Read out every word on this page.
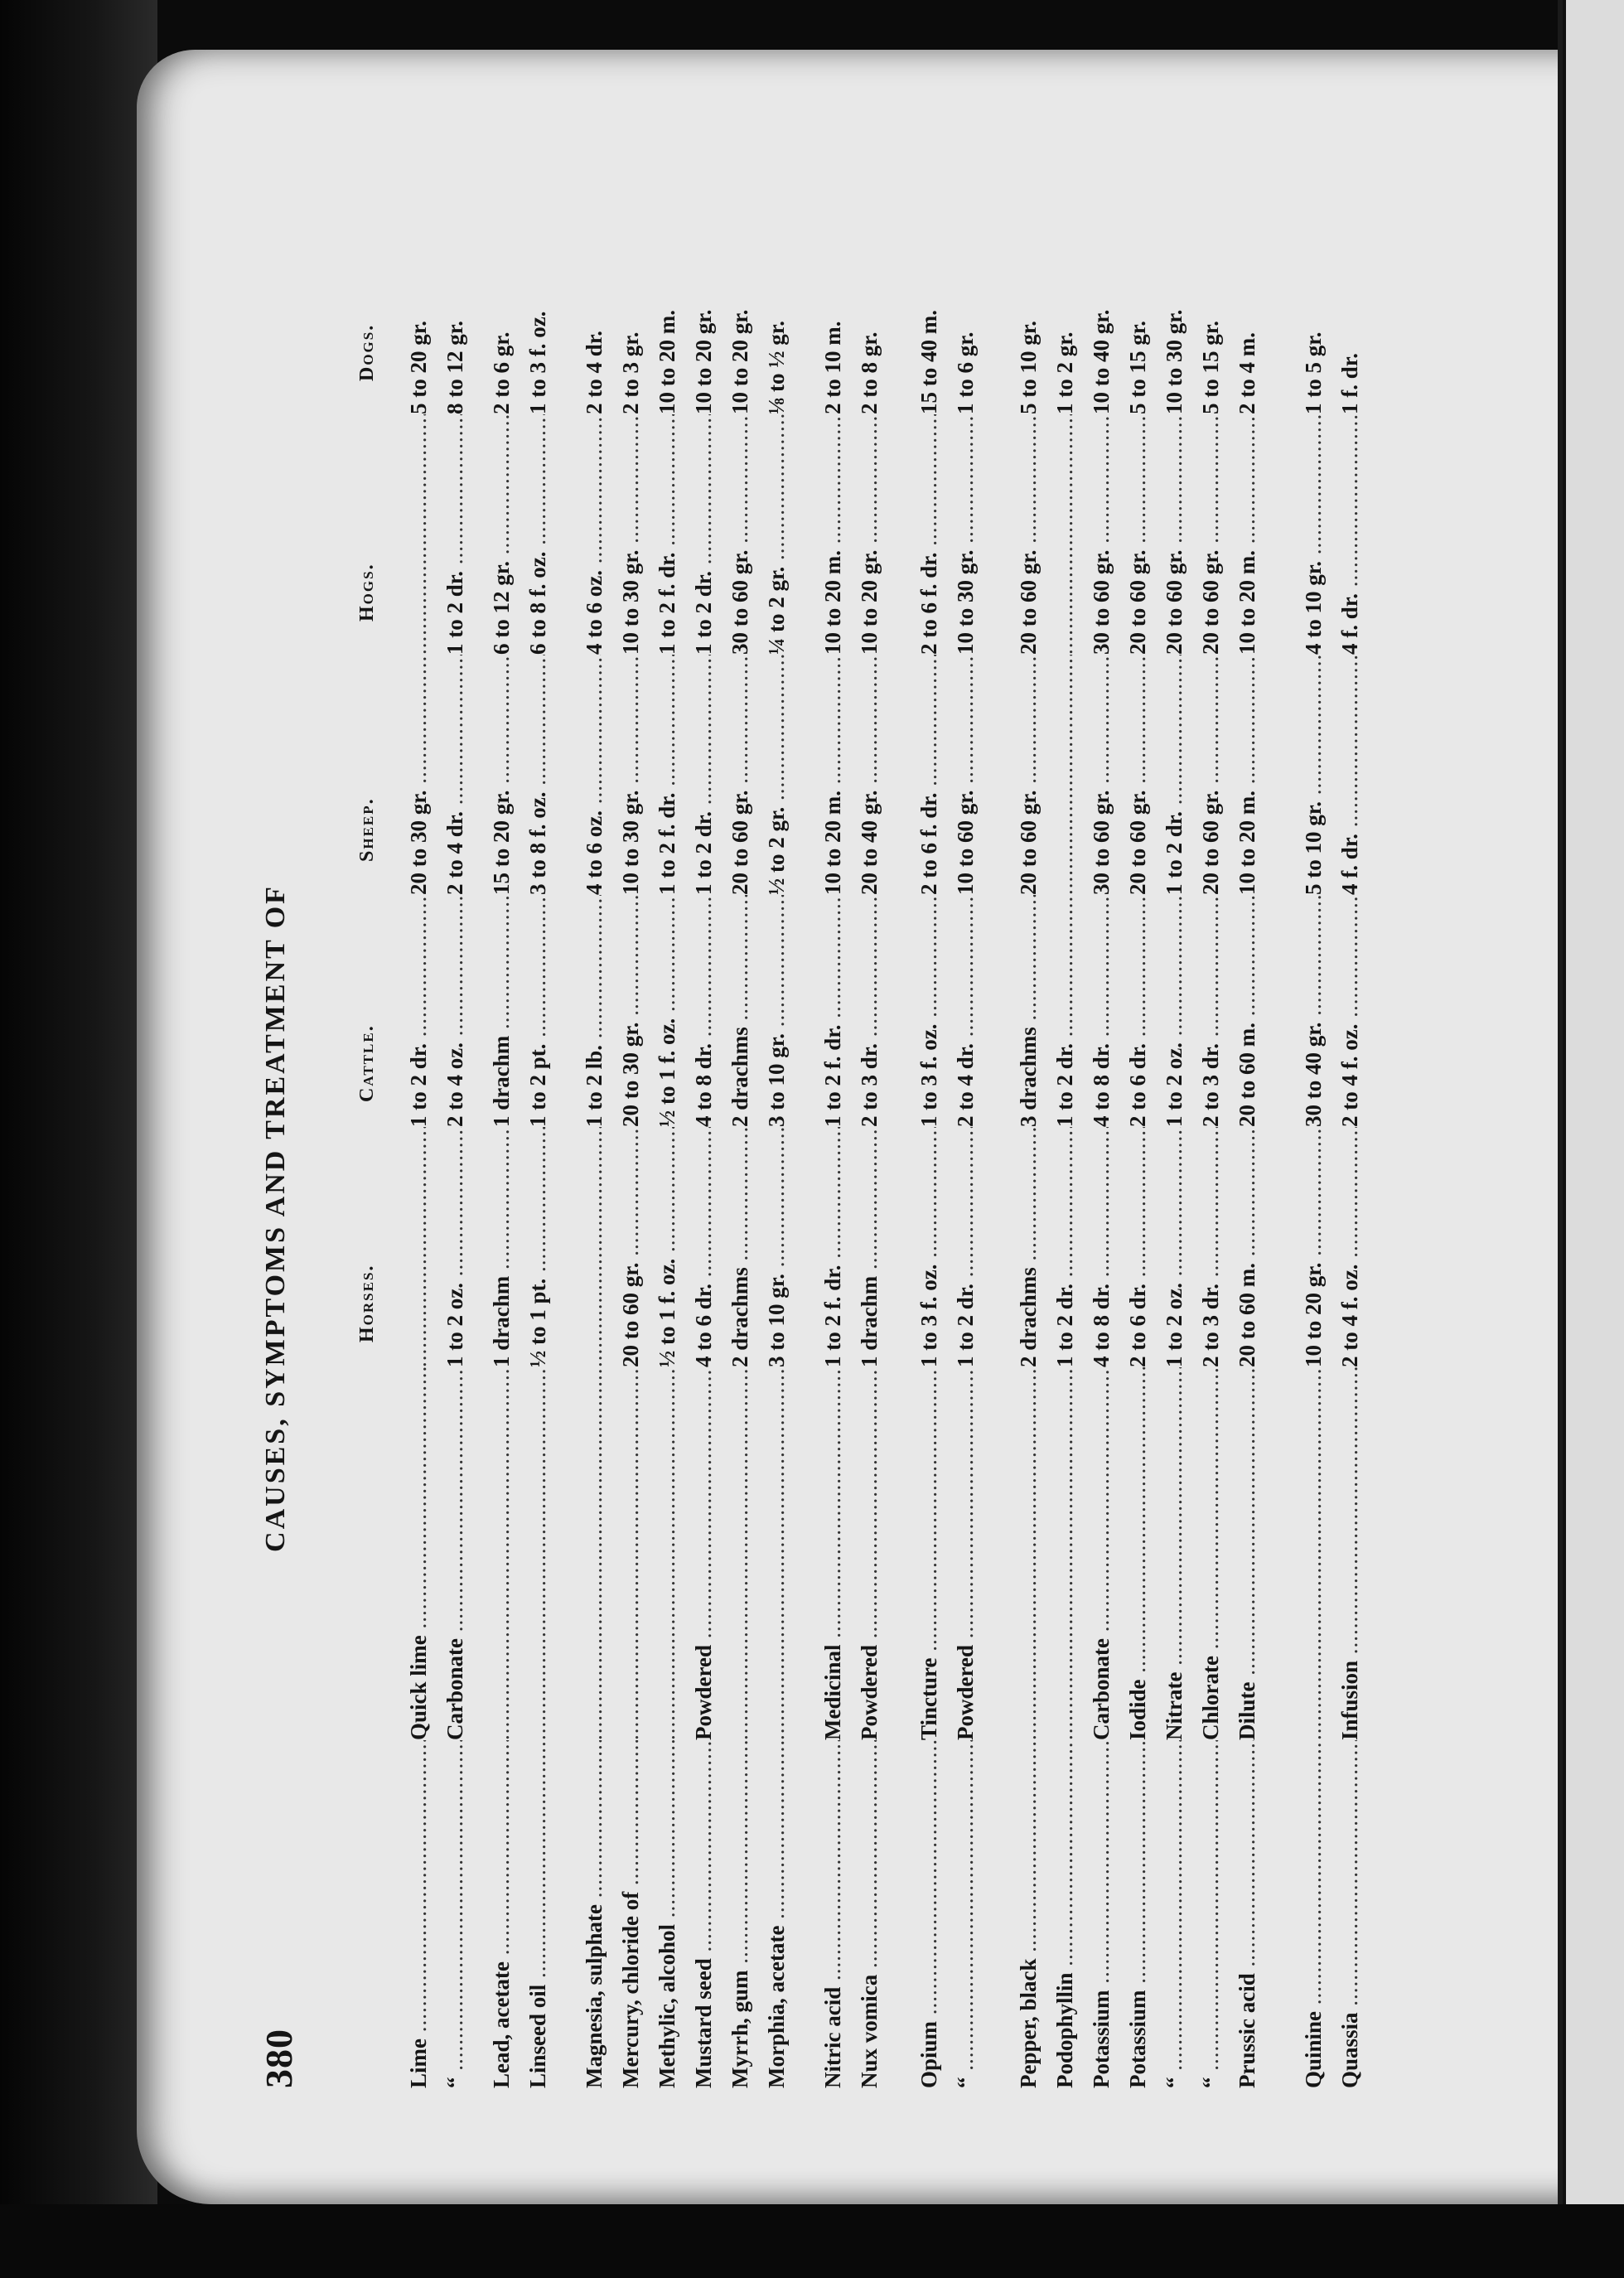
380
CAUSES, SYMPTOMS AND TREATMENT OF	Horses.
Cattle.
Sheep.
Hogs.
Dogs.
Lime .....
Quick lime .....
.....
1 to 2 dr. .....
20 to 30 gr. .....
.....
5 to 20 gr.
“ .....
Carbonate .....
1 to 2 oz. .....
2 to 4 oz. .....
2 to 4 dr. .....
1 to 2 dr. .....
8 to 12 gr.
Lead, acetate .....
.....
1 drachm .....
1 drachm .....
15 to 20 gr. .....
6 to 12 gr. .....
2 to 6 gr.
Linseed oil .....
.....
½ to 1 pt. .....
1 to 2 pt. .....
3 to 8 f. oz. .....
6 to 8 f. oz. .....
1 to 3 f. oz.
Magnesia, sulphate .....
.....
.....
1 to 2 lb. .....
4 to 6 oz. .....
4 to 6 oz. .....
2 to 4 dr.
Mercury, chloride of .....
.....
20 to 60 gr. .....
20 to 30 gr. .....
10 to 30 gr. .....
10 to 30 gr. .....
2 to 3 gr.
Methylic, alcohol .....
.....
½ to 1 f. oz. .....
½ to 1 f. oz. .....
1 to 2 f. dr. .....
1 to 2 f. dr. .....
10 to 20 m.
Mustard seed .....
Powdered .....
4 to 6 dr. .....
4 to 8 dr. .....
1 to 2 dr. .....
1 to 2 dr. .....
10 to 20 gr.
Myrrh, gum .....
.....
2 drachms .....
2 drachms .....
20 to 60 gr. .....
30 to 60 gr. .....
10 to 20 gr.
Morphia, acetate .....
.....
3 to 10 gr. .....
3 to 10 gr. .....
½ to 2 gr. .....
¼ to 2 gr. .....
⅛ to ½ gr.
Nitric acid .....
Medicinal .....
1 to 2 f. dr. .....
1 to 2 f. dr. .....
10 to 20 m. .....
10 to 20 m. .....
2 to 10 m.
Nux vomica .....
Powdered .....
1 drachm .....
2 to 3 dr. .....
20 to 40 gr. .....
10 to 20 gr. .....
2 to 8 gr.
Opium .....
Tincture .....
1 to 3 f. oz. .....
1 to 3 f. oz. .....
2 to 6 f. dr. .....
2 to 6 f. dr. .....
15 to 40 m.
“ .....
Powdered .....
1 to 2 dr. .....
2 to 4 dr. .....
10 to 60 gr. .....
10 to 30 gr. .....
1 to 6 gr.
Pepper, black .....
.....
2 drachms .....
3 drachms .....
20 to 60 gr. .....
20 to 60 gr. .....
5 to 10 gr.
Podophyllin .....
.....
1 to 2 dr. .....
1 to 2 dr. .....
.....
.....
1 to 2 gr.
Potassium .....
Carbonate .....
4 to 8 dr. .....
4 to 8 dr. .....
30 to 60 gr. .....
30 to 60 gr. .....
10 to 40 gr.
Potassium .....
Iodide .....
2 to 6 dr. .....
2 to 6 dr. .....
20 to 60 gr. .....
20 to 60 gr. .....
5 to 15 gr.
“ .....
Nitrate .....
1 to 2 oz. .....
1 to 2 oz. .....
1 to 2 dr. .....
20 to 60 gr. .....
10 to 30 gr.
“ .....
Chlorate .....
2 to 3 dr. .....
2 to 3 dr. .....
20 to 60 gr. .....
20 to 60 gr. .....
5 to 15 gr.
Prussic acid .....
Dilute .....
20 to 60 m. .....
20 to 60 m. .....
10 to 20 m. .....
10 to 20 m. .....
2 to 4 m.
Quinine .....
.....
10 to 20 gr. .....
30 to 40 gr. .....
5 to 10 gr. .....
4 to 10 gr. .....
1 to 5 gr.
Quassia .....
Infusion .....
2 to 4 f. oz. .....
2 to 4 f. oz. .....
4 f. dr. .....
4 f. dr. .....
1 f. dr.
